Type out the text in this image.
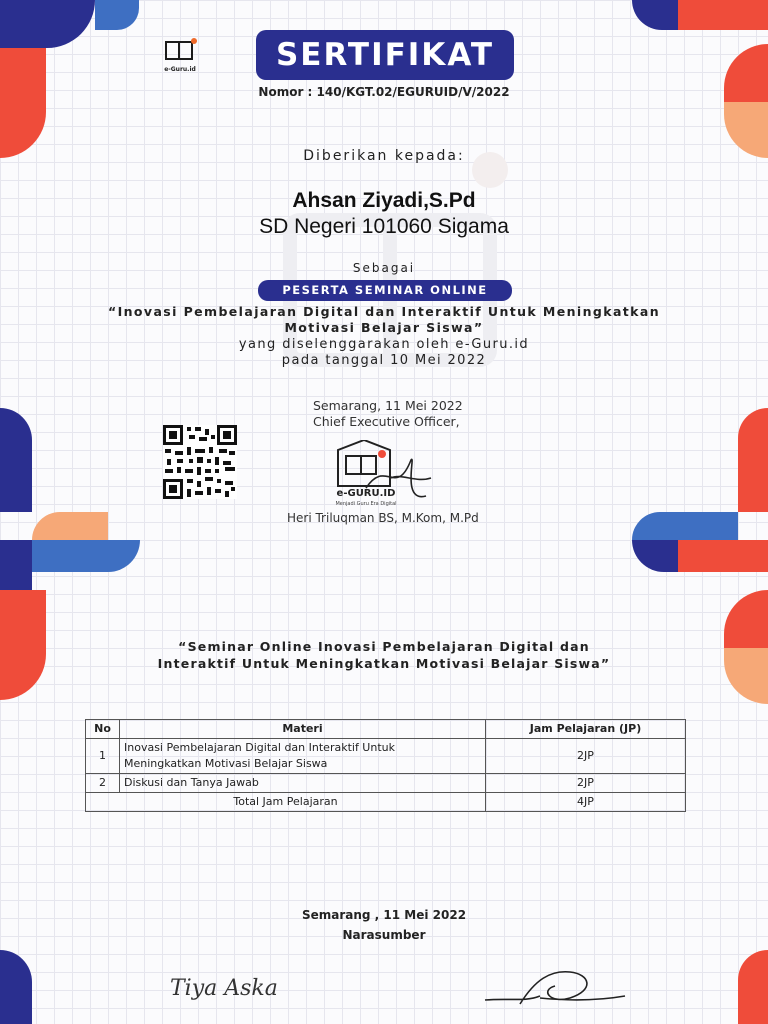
e-Guru.id	SERTIFIKAT
Nomor : 140/KGT.02/EGURUID/V/2022
Diberikan kepada:
Ahsan Ziyadi,S.Pd
SD Negeri 101060 Sigama
Sebagai
PESERTA SEMINAR ONLINE
“Inovasi Pembelajaran Digital dan Interaktif Untuk Meningkatkan
Motivasi Belajar Siswa”
yang diselenggarakan oleh e-Guru.id
pada tanggal 10 Mei 2022
Semarang, 11 Mei 2022
Chief Executive Officer,
e-GURU.ID
Menjadi Guru Era Digital
Heri Triluqman BS, M.Kom, M.Pd
“Seminar Online Inovasi Pembelajaran Digital dan
Interaktif Untuk Meningkatkan Motivasi Belajar Siswa”
No	Materi	Jam Pelajaran (JP)
1	Inovasi Pembelajaran Digital dan Interaktif Untuk
Meningkatkan Motivasi Belajar Siswa	2JP
2	Diskusi dan Tanya Jawab	2JP
Total Jam Pelajaran		4JP
Semarang , 11 Mei 2022
Narasumber
Tiya Aska
